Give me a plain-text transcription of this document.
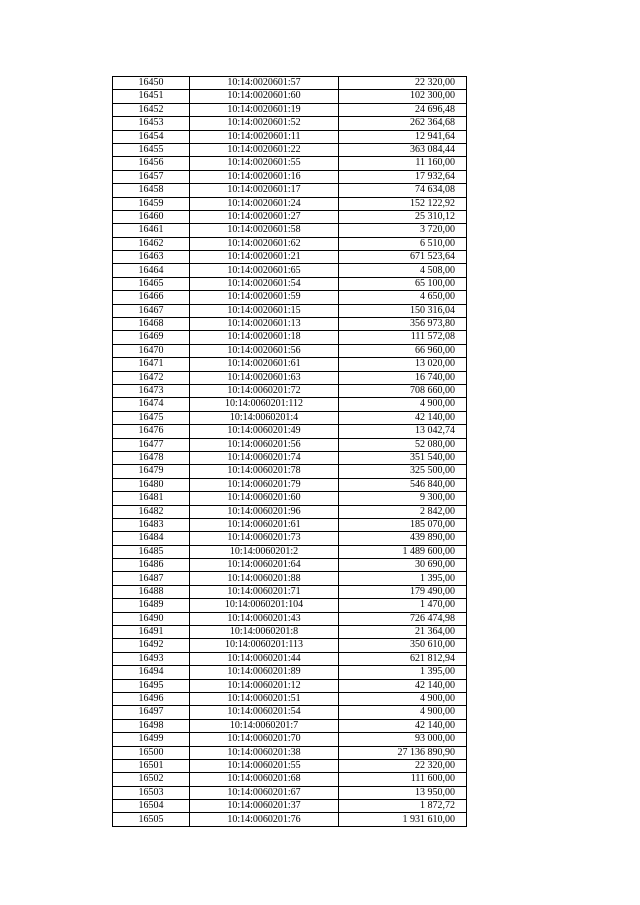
16450	10:14:0020601:57	22 320,00
16451	10:14:0020601:60	102 300,00
16452	10:14:0020601:19	24 696,48
16453	10:14:0020601:52	262 364,68
16454	10:14:0020601:11	12 941,64
16455	10:14:0020601:22	363 084,44
16456	10:14:0020601:55	11 160,00
16457	10:14:0020601:16	17 932,64
16458	10:14:0020601:17	74 634,08
16459	10:14:0020601:24	152 122,92
16460	10:14:0020601:27	25 310,12
16461	10:14:0020601:58	3 720,00
16462	10:14:0020601:62	6 510,00
16463	10:14:0020601:21	671 523,64
16464	10:14:0020601:65	4 508,00
16465	10:14:0020601:54	65 100,00
16466	10:14:0020601:59	4 650,00
16467	10:14:0020601:15	150 316,04
16468	10:14:0020601:13	356 973,80
16469	10:14:0020601:18	111 572,08
16470	10:14:0020601:56	66 960,00
16471	10:14:0020601:61	13 020,00
16472	10:14:0020601:63	16 740,00
16473	10:14:0060201:72	708 660,00
16474	10:14:0060201:112	4 900,00
16475	10:14:0060201:4	42 140,00
16476	10:14:0060201:49	13 042,74
16477	10:14:0060201:56	52 080,00
16478	10:14:0060201:74	351 540,00
16479	10:14:0060201:78	325 500,00
16480	10:14:0060201:79	546 840,00
16481	10:14:0060201:60	9 300,00
16482	10:14:0060201:96	2 842,00
16483	10:14:0060201:61	185 070,00
16484	10:14:0060201:73	439 890,00
16485	10:14:0060201:2	1 489 600,00
16486	10:14:0060201:64	30 690,00
16487	10:14:0060201:88	1 395,00
16488	10:14:0060201:71	179 490,00
16489	10:14:0060201:104	1 470,00
16490	10:14:0060201:43	726 474,98
16491	10:14:0060201:8	21 364,00
16492	10:14:0060201:113	350 610,00
16493	10:14:0060201:44	621 812,94
16494	10:14:0060201:89	1 395,00
16495	10:14:0060201:12	42 140,00
16496	10:14:0060201:51	4 900,00
16497	10:14:0060201:54	4 900,00
16498	10:14:0060201:7	42 140,00
16499	10:14:0060201:70	93 000,00
16500	10:14:0060201:38	27 136 890,90
16501	10:14:0060201:55	22 320,00
16502	10:14:0060201:68	111 600,00
16503	10:14:0060201:67	13 950,00
16504	10:14:0060201:37	1 872,72
16505	10:14:0060201:76	1 931 610,00
